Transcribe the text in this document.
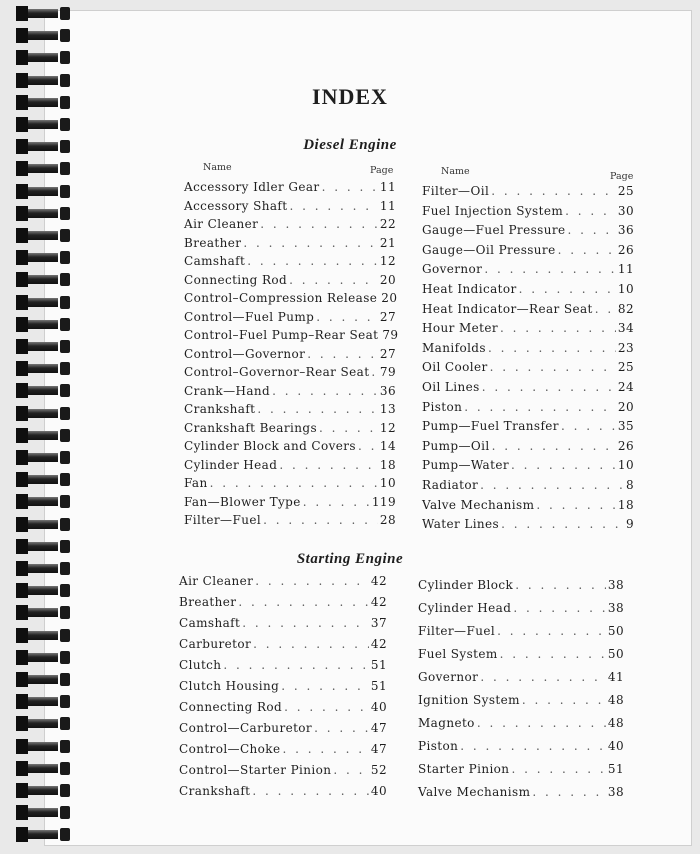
INDEX
Diesel Engine
Name	Page	Name	Page
Accessory Idler Gear . . .	11
Accessory Shaft . . .	11
Air Cleaner . . .	22
Breather . . .	21
Camshaft . . .	12
Connecting Rod . . .	20
Control–Compression Release 20
Control—Fuel Pump . . .	27
Control–Fuel Pump–Rear Seat 79
Control—Governor . . .	27
Control–Governor–Rear Seat . . . 79
Crank—Hand . . .	36
Crankshaft . . .	13
Crankshaft Bearings . . .	12
Cylinder Block and Covers . . . 14
Cylinder Head . . .	18
Fan . . .	10
Fan—Blower Type . . .	119
Filter—Fuel . . .	28
Filter—Oil . . .	25
Fuel Injection System . . .	30
Gauge—Fuel Pressure . . .	36
Gauge—Oil Pressure . . .	26
Governor . . .	11
Heat Indicator . . .	10
Heat Indicator—Rear Seat . . . 82
Hour Meter . . .	34
Manifolds . . .	23
Oil Cooler . . .	25
Oil Lines . . .	24
Piston . . .	20
Pump—Fuel Transfer . . .	35
Pump—Oil . . .	26
Pump—Water . . .	10
Radiator . . .	8
Valve Mechanism . . .	18
Water Lines . . .	9
Starting Engine
Air Cleaner . . .	42
Breather . . .	42
Camshaft . . .	37
Carburetor . . .	42
Clutch . . .	51
Clutch Housing . . .	51
Connecting Rod . . .	40
Control—Carburetor . . .	47
Control—Choke . . .	47
Control—Starter Pinion . . .	52
Crankshaft . . .	40
Cylinder Block . . .	38
Cylinder Head . . .	38
Filter—Fuel . . .	50
Fuel System . . .	50
Governor . . .	41
Ignition System . . .	48
Magneto . . .	48
Piston . . .	40
Starter Pinion . . .	51
Valve Mechanism . . .	38
